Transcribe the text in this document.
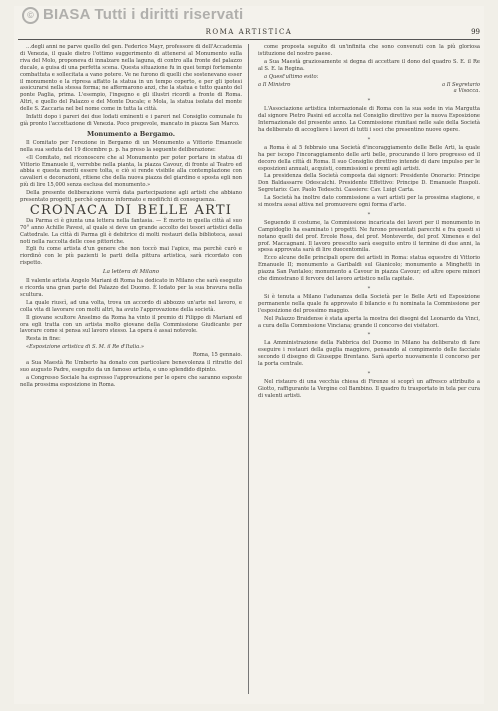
© BIASA Tutti i diritti riservati
ROMA ARTISTICA	99

…degli anni ne parve quello del gen. Federico Mayr, professore di dell'Accademia di Venezia, il quale dietro l'ottimo suggerimento di attenersi al Monumento sulla riva del Molo, proponeva di innalzare nella laguna, di contro alla fronte del palazzo ducale, a guisa di una perfetta scena. Questa situazione fu in quei tempi fortemente combattuta e sollecitata a vano potere. Ve ne furono di quelli che sostenevano esser il monumento e la ripresa affatto la statua in un tempo coperto, e per gli ipotesi assicurarsi nella stessa forma; ne affermarono anzi, che la statua e tutto quanto del ponte Paglia, prima. L'esempio, l'ingegno e gli illustri ricordi a fronte di Roma. Altri, e quello del Palazzo e del Monte Ducale; e Mola, la statua isolata del monte delle S. Zaccaria nel bel nome come in tutta la città.

Infatti dopo i pareri dei due lodati eminenti e i pareri nel Consiglio comunale fu già pronto l'accettazione di Venezia. Poco pregevole, mancato in piazza San Marco.

Monumento a Bergamo.

Il Comitato per l'erezione in Bergamo di un Monumento a Vittorio Emanuele nella sua seduta del 19 dicembre p. p. ha preso la seguente deliberazione:

«Il Comitato, nel riconoscere che al Monumento per poter portare in statua di Vittorio Emanuele il, verrebbe nella pianta, la piazza Cavour, di fronte al Teatro ed abbia e questa meriti essere tolta, e ciò si rende visibile alla contemplazione con cavalieri e decorazioni, ritiene che della nuova piazza del giardino e sposta egli non più di lire 15,000 senza esclusa del monumento.»

Della presente deliberazione verrà data partecipazione agli artisti che abbiano presentato progetti, perchè ognuno informato e modifichi di conseguenza.

CRONACA DI BELLE ARTI

Da Parma ci è giunta una lettera nella fantasia. — È morto in quella città al suo 70° anno Achille Pavesi, al quale si deve un grande accolto dei tesori artistici della Cattedrale. La città di Parma gli è debitrice di molti restauri della biblioteca, assai noti nella raccolta delle cose pittoriche.

Egli fu come artista d'un genere che non toccò mai l'apice, ma perchè curò e riordinò con le più pazienti le parti della pittura artistica, sarà ricordato con rispetto.

La lettera di Milano

Il valente artista Angelo Mariani di Roma ha dedicato in Milano che sarà eseguito e ricorda una gran parte del Palazzo del Duomo. È lodato per la sua bravura nella scultura.

La quale riuscì, ad una volta, trova un accordo di abbozzo un'arte nel lavoro, e colla vita di lavorare con molti altri, ha avuto l'approvazione della società.

Il giovane scultore Anselmo da Roma ha vinto il premio di Filippo di Mariani ed ora egli tratta con un artista molto giovane della Commissione Giudicante per lavorare come si pensa sul lavoro stesso. La opera è assai notevole.

Resta in fine:

«Esposizione artistica di S. M. il Re d'Italia.»

Roma, 15 gennaio.

a Sua Maestà Re Umberto ha donato con particolare benevolenza il ritratto del suo augusto Padre, eseguito da un famoso artista, e uno splendido dipinto.

a Congresso Sociale ha espresso l'approvazione per le opere che saranno esposte nella prossima esposizione in Roma.

come proposta seguìto di un'infinita che sono convenuti con la più gloriosa istituzione del nostro paese.

a Sua Maestà graziosamente si degna di accettare il dono del quadro S. E. il Re al S. E. la Regina.

a Quest'ultimo esito:

a Il Ministro	a Il Segretario
a Visocca.
∗

L'Associazione artistica internazionale di Roma con la sua sede in via Margutta dal signore Pietro Pasini ed accolta nel Consiglio direttivo per la nuova Esposizione Internazionale del presente anno. La Commissione riunitasi nelle sale della Società ha deliberato di accogliere i lavori di tutti i soci che presentino nuove opere.

∗

a Roma è al 5 febbraio una Società d'incoraggiamento delle Belle Arti, la quale ha per iscopo l'incoraggiamento delle arti belle, procurando il loro progresso ed il decoro della città di Roma. Il suo Consiglio direttivo intende di dare impulso per le esposizioni annuali, acquisti, commissioni e premi agli artisti.

La presidenza della Società composta dai signori: Presidente Onorario: Principe Don Baldassarre Odescalchi. Presidente Effettivo: Principe D. Emanuele Ruspoli. Segretario: Cav. Paolo Tedeschi. Cassiere: Cav. Luigi Carta.

La Società ha inoltre dato commissione a vari artisti per la prossima stagione, e si mostra assai attiva nel promuovere ogni forma d'arte.

∗

Seguendo il costume, la Commissione incaricata dei lavori per il monumento in Campidoglio ha esaminato i progetti. Ne furono presentati parecchi e fra questi si notano quelli del prof. Ercole Rosa, del prof. Monteverde, del prof. Ximenes e del prof. Maccagnani. Il lavoro prescelto sarà eseguito entro il termine di due anni, la spesa approvata sarà di lire duecentomila.

Ecco alcune delle principali opere dei artisti in Roma: statua equestre di Vittorio Emanuele II; monumento a Garibaldi sul Gianicolo; monumento a Minghetti in piazza San Pantaleo; monumento a Cavour in piazza Cavour; ed altre opere minori che dimostrano il fervore del lavoro artistico nella capitale.

∗

Si è tenuta a Milano l'adunanza della Società per le Belle Arti ed Esposizione permanente nella quale fu approvato il bilancio e fu nominata la Commissione per l'esposizione del prossimo maggio.

Nel Palazzo Braidense è stata aperta la mostra dei disegni del Leonardo da Vinci, a cura della Commissione Vinciana; grande il concorso dei visitatori.

∗

La Amministrazione della Fabbrica del Duomo in Milano ha deliberato di fare eseguire i restauri della guglia maggiore, pensando al compimento delle facciate secondo il disegno di Giuseppe Brentano. Sarà aperto nuovamente il concorso per la porta centrale.

∗

Nel ristauro di una vecchia chiesa di Firenze si scoprì un affresco attribuito a Giotto, raffigurante la Vergine col Bambino. Il quadro fu trasportato in tela per cura di valenti artisti.
